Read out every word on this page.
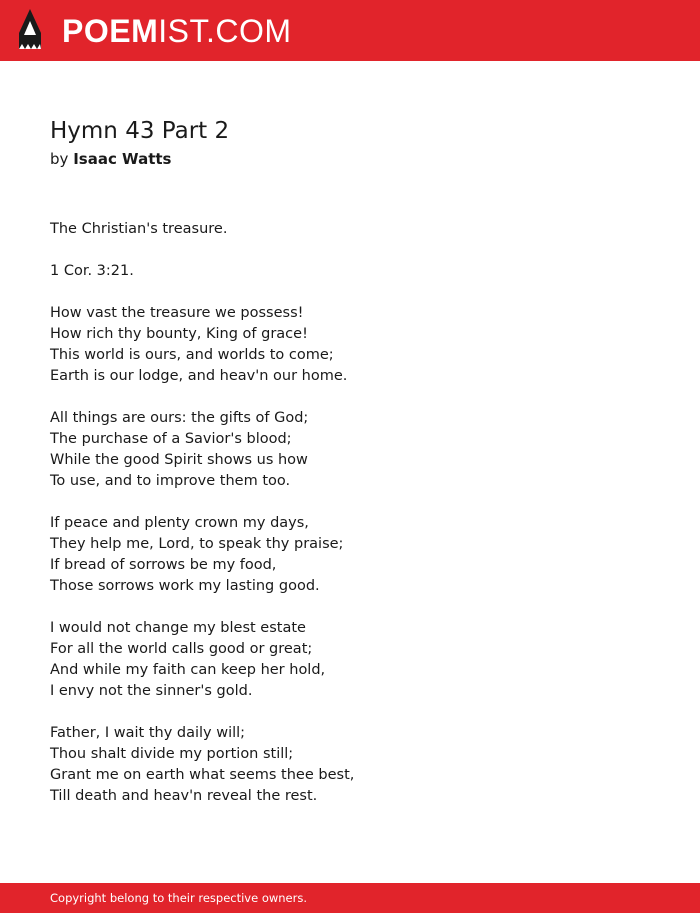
POEMIST.COM
Hymn 43 Part 2
by Isaac Watts
The Christian's treasure.
1 Cor. 3:21.
How vast the treasure we possess!
How rich thy bounty, King of grace!
This world is ours, and worlds to come;
Earth is our lodge, and heav'n our home.
All things are ours: the gifts of God;
The purchase of a Savior's blood;
While the good Spirit shows us how
To use, and to improve them too.
If peace and plenty crown my days,
They help me, Lord, to speak thy praise;
If bread of sorrows be my food,
Those sorrows work my lasting good.
I would not change my blest estate
For all the world calls good or great;
And while my faith can keep her hold,
I envy not the sinner's gold.
Father, I wait thy daily will;
Thou shalt divide my portion still;
Grant me on earth what seems thee best,
Till death and heav'n reveal the rest.
Copyright belong to their respective owners.
